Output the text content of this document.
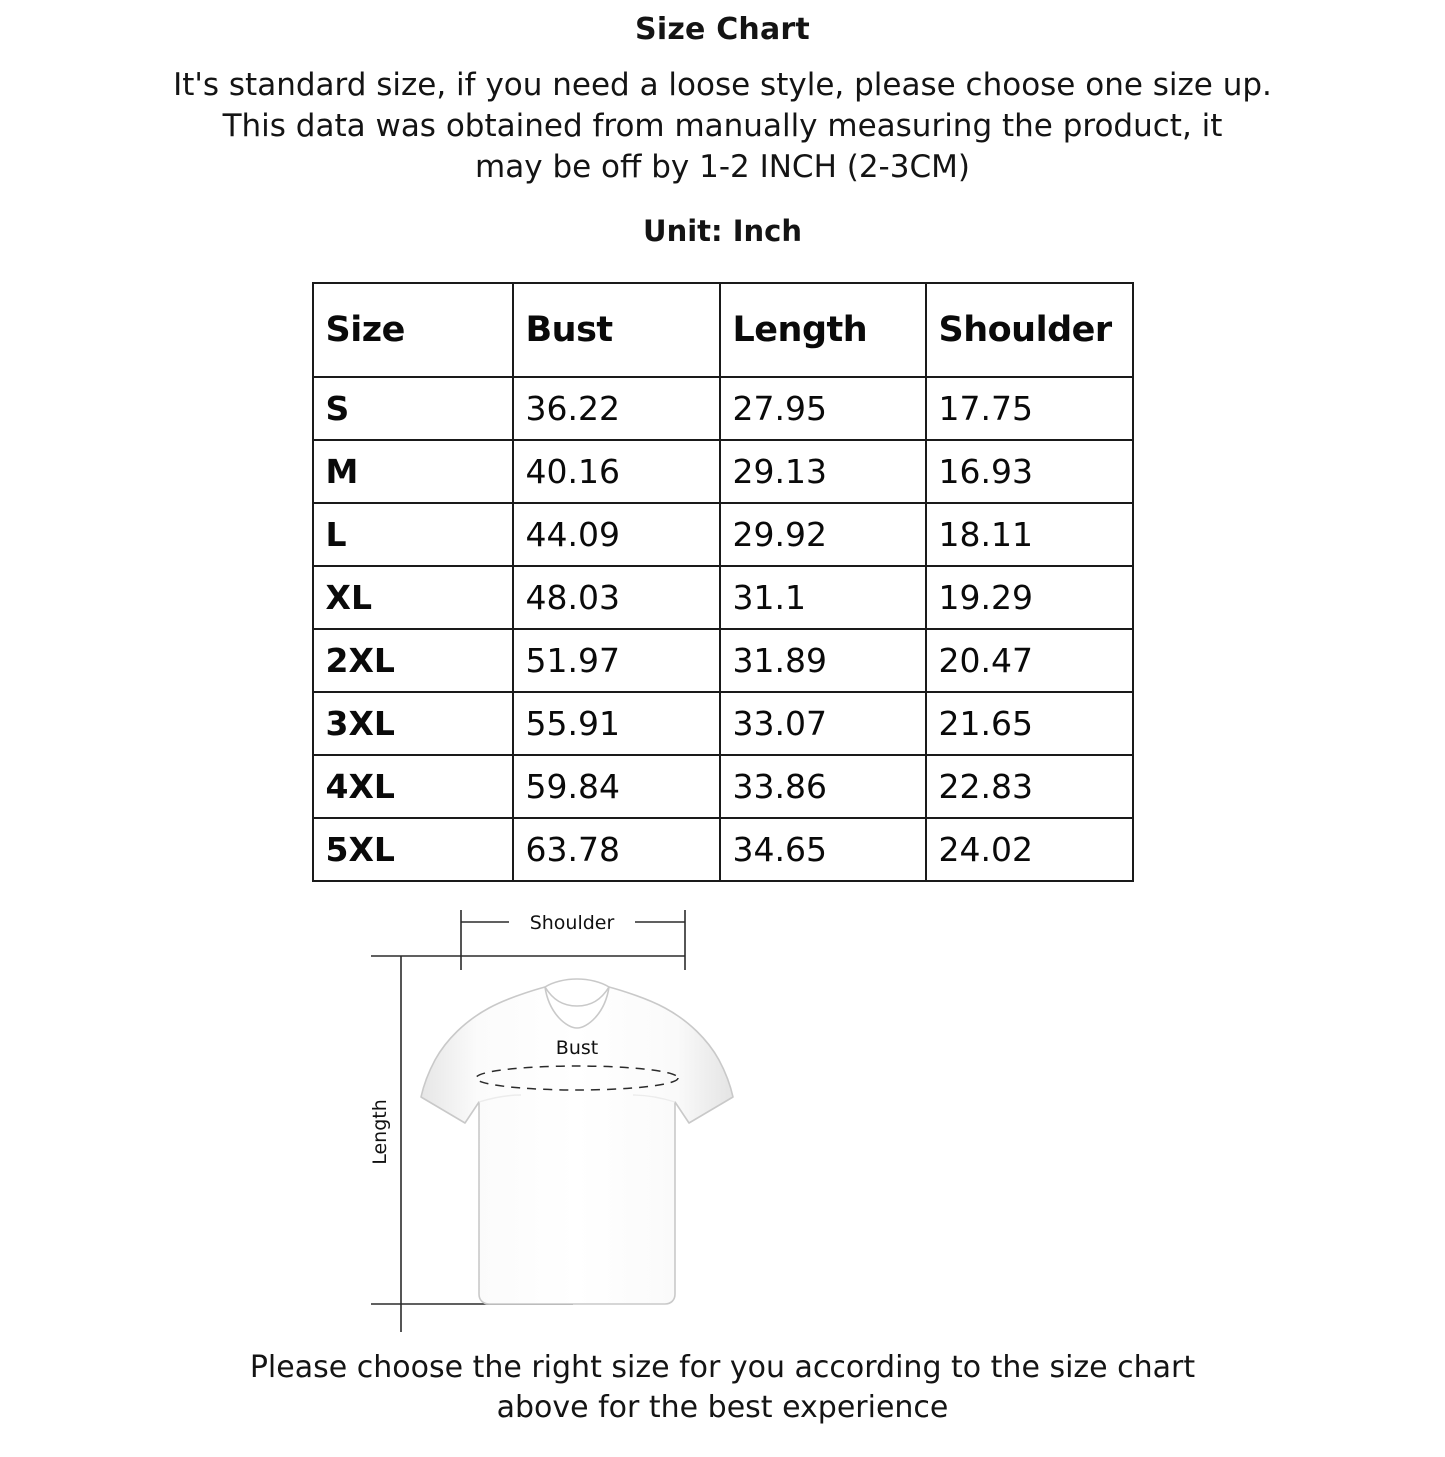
Size Chart
It's standard size, if you need a loose style, please choose one size up.
This data was obtained from manually measuring the product, it
may be off by 1-2 INCH (2-3CM)
Unit: Inch
Size	Bust	Length	Shoulder
S	36.22	27.95	17.75
M	40.16	29.13	16.93
L	44.09	29.92	18.11
XL	48.03	31.1	19.29
2XL	51.97	31.89	20.47
3XL	55.91	33.07	21.65
4XL	59.84	33.86	22.83
5XL	63.78	34.65	24.02
Shoulder
Bust
Length
Please choose the right size for you according to the size chart
above for the best experience
